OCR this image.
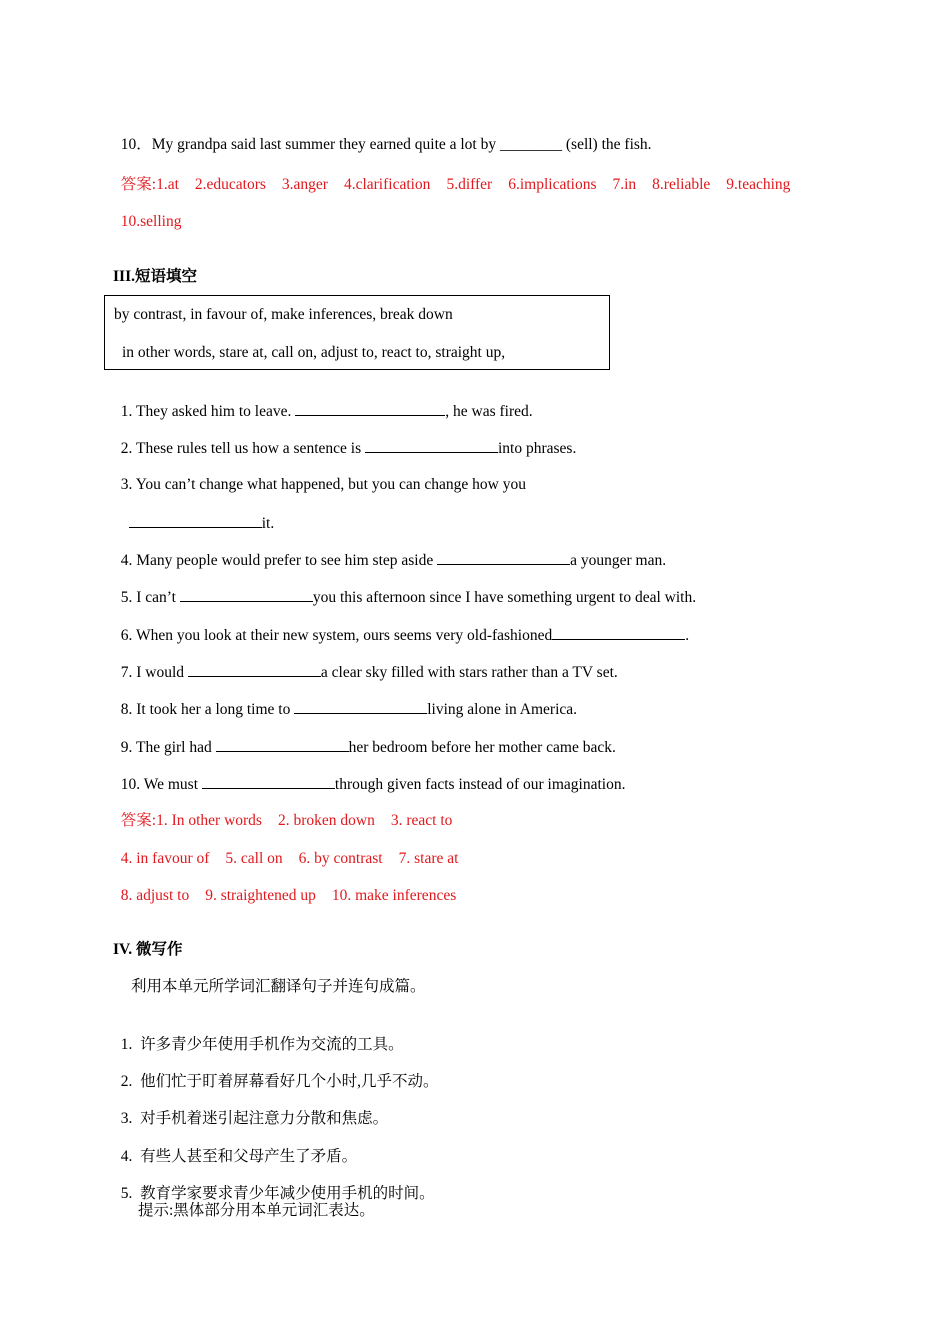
10．My grandpa said last summer they earned quite a lot by ________ (sell) the fish.

答案:1.at 2.educators 3.anger 4.clarification 5.differ 6.implications 7.in 8.reliable 9.teaching

10.selling

III.短语填空
by contrast, in favour of, make inferences, break down
in other words, stare at, call on, adjust to, react to, straight up,

1. They asked him to leave.	, he was fired.

2. These rules tell us how a sentence is	into phrases.

3. You can’t change what happened, but you can change how you

it.

4. Many people would prefer to see him step aside	a younger man.

5. I can’t	you this afternoon since I have something urgent to deal with.

6. When you look at their new system, ours seems very old-fashioned	.

7. I would	a clear sky filled with stars rather than a TV set.

8. It took her a long time to	living alone in America.

9. The girl had	her bedroom before her mother came back.

10. We must	through given facts instead of our imagination.

答案:1. In other words 2. broken down 3. react to

4. in favour of 5. call on 6. by contrast 7. stare at

8. adjust to 9. straightened up 10. make inferences

IV. 微写作
利用本单元所学词汇翻译句子并连句成篇。

1. 许多青少年使用手机作为交流的工具。

2. 他们忙于盯着屏幕看好几个小时,几乎不动。

3. 对手机着迷引起注意力分散和焦虑。

4. 有些人甚至和父母产生了矛盾。

5. 教育学家要求青少年减少使用手机的时间。

提示:黑体部分用本单元词汇表达。
